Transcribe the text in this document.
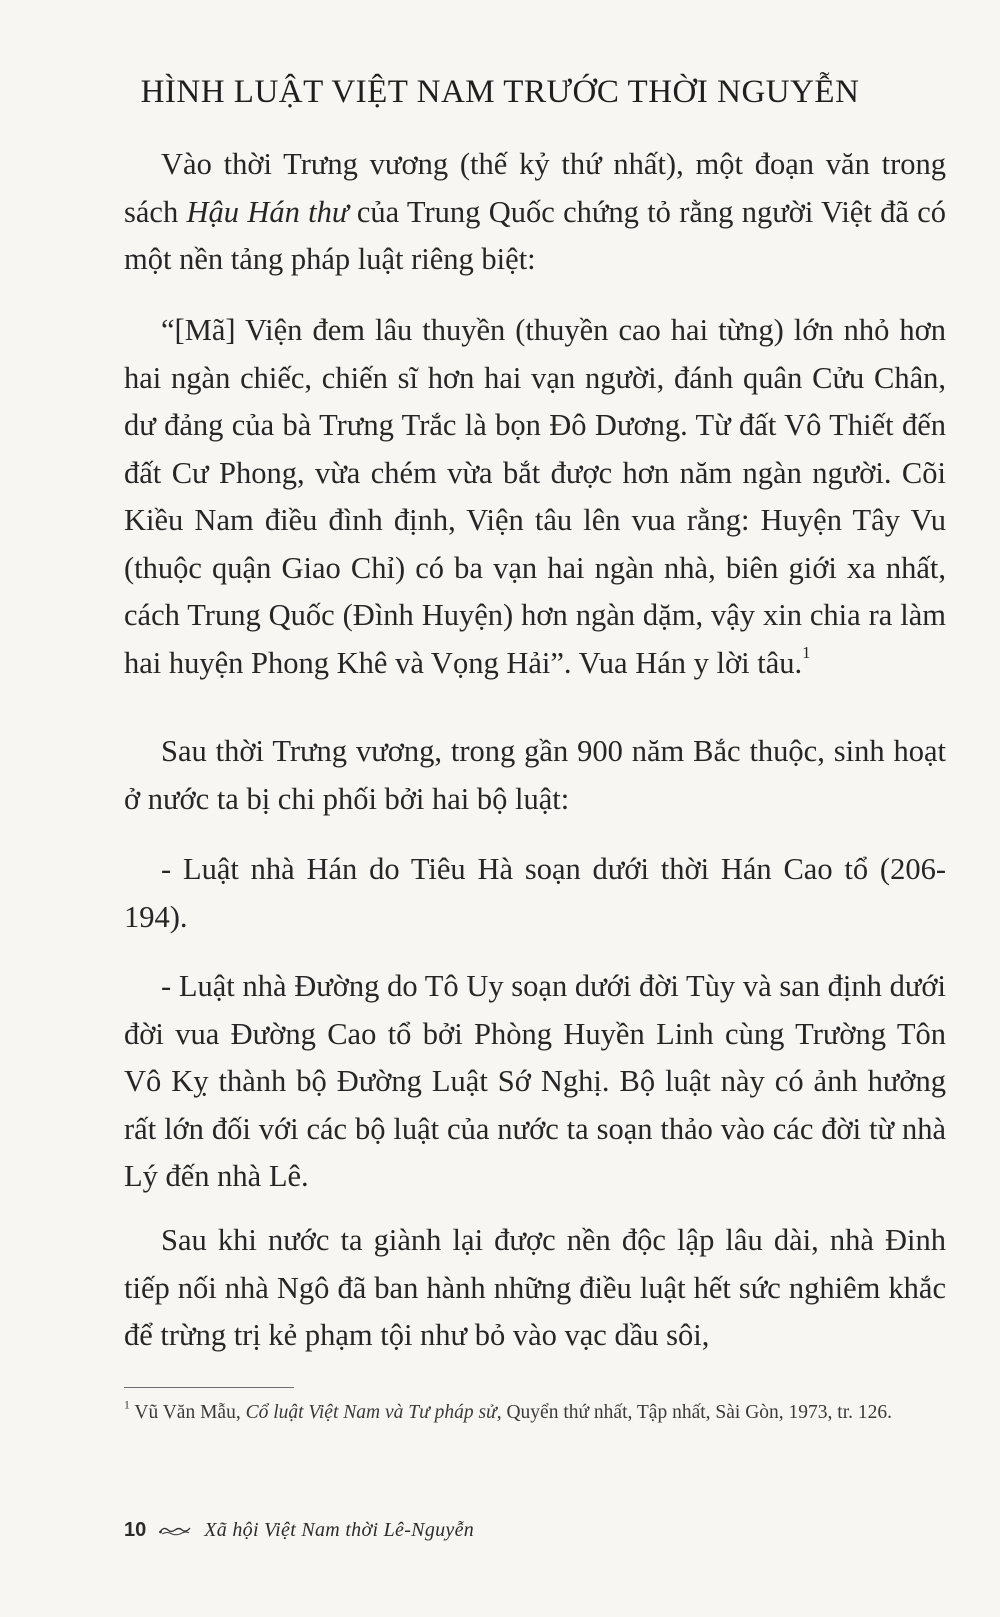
HÌNH LUẬT VIỆT NAM TRƯỚC THỜI NGUYỄN

Vào thời Trưng vương (thế kỷ thứ nhất), một đoạn văn trong sách Hậu Hán thư của Trung Quốc chứng tỏ rằng người Việt đã có một nền tảng pháp luật riêng biệt:

“[Mã] Viện đem lâu thuyền (thuyền cao hai từng) lớn nhỏ hơn hai ngàn chiếc, chiến sĩ hơn hai vạn người, đánh quân Cửu Chân, dư đảng của bà Trưng Trắc là bọn Đô Dương. Từ đất Vô Thiết đến đất Cư Phong, vừa chém vừa bắt được hơn năm ngàn người. Cõi Kiều Nam điều đình định, Viện tâu lên vua rằng: Huyện Tây Vu (thuộc quận Giao Chỉ) có ba vạn hai ngàn nhà, biên giới xa nhất, cách Trung Quốc (Đình Huyện) hơn ngàn dặm, vậy xin chia ra làm hai huyện Phong Khê và Vọng Hải”. Vua Hán y lời tâu.$^1$

Sau thời Trưng vương, trong gần 900 năm Bắc thuộc, sinh hoạt ở nước ta bị chi phối bởi hai bộ luật:

- Luật nhà Hán do Tiêu Hà soạn dưới thời Hán Cao tổ (206-194).

- Luật nhà Đường do Tô Uy soạn dưới đời Tùy và san định dưới đời vua Đường Cao tổ bởi Phòng Huyền Linh cùng Trường Tôn Vô Kỵ thành bộ Đường Luật Sớ Nghị. Bộ luật này có ảnh hưởng rất lớn đối với các bộ luật của nước ta soạn thảo vào các đời từ nhà Lý đến nhà Lê.

Sau khi nước ta giành lại được nền độc lập lâu dài, nhà Đinh tiếp nối nhà Ngô đã ban hành những điều luật hết sức nghiêm khắc để trừng trị kẻ phạm tội như bỏ vào vạc dầu sôi,

$^1$ Vũ Văn Mẫu, Cổ luật Việt Nam và Tư pháp sử, Quyển thứ nhất, Tập nhất, Sài Gòn, 1973, tr. 126.
10	Xã hội Việt Nam thời Lê-Nguyễn
